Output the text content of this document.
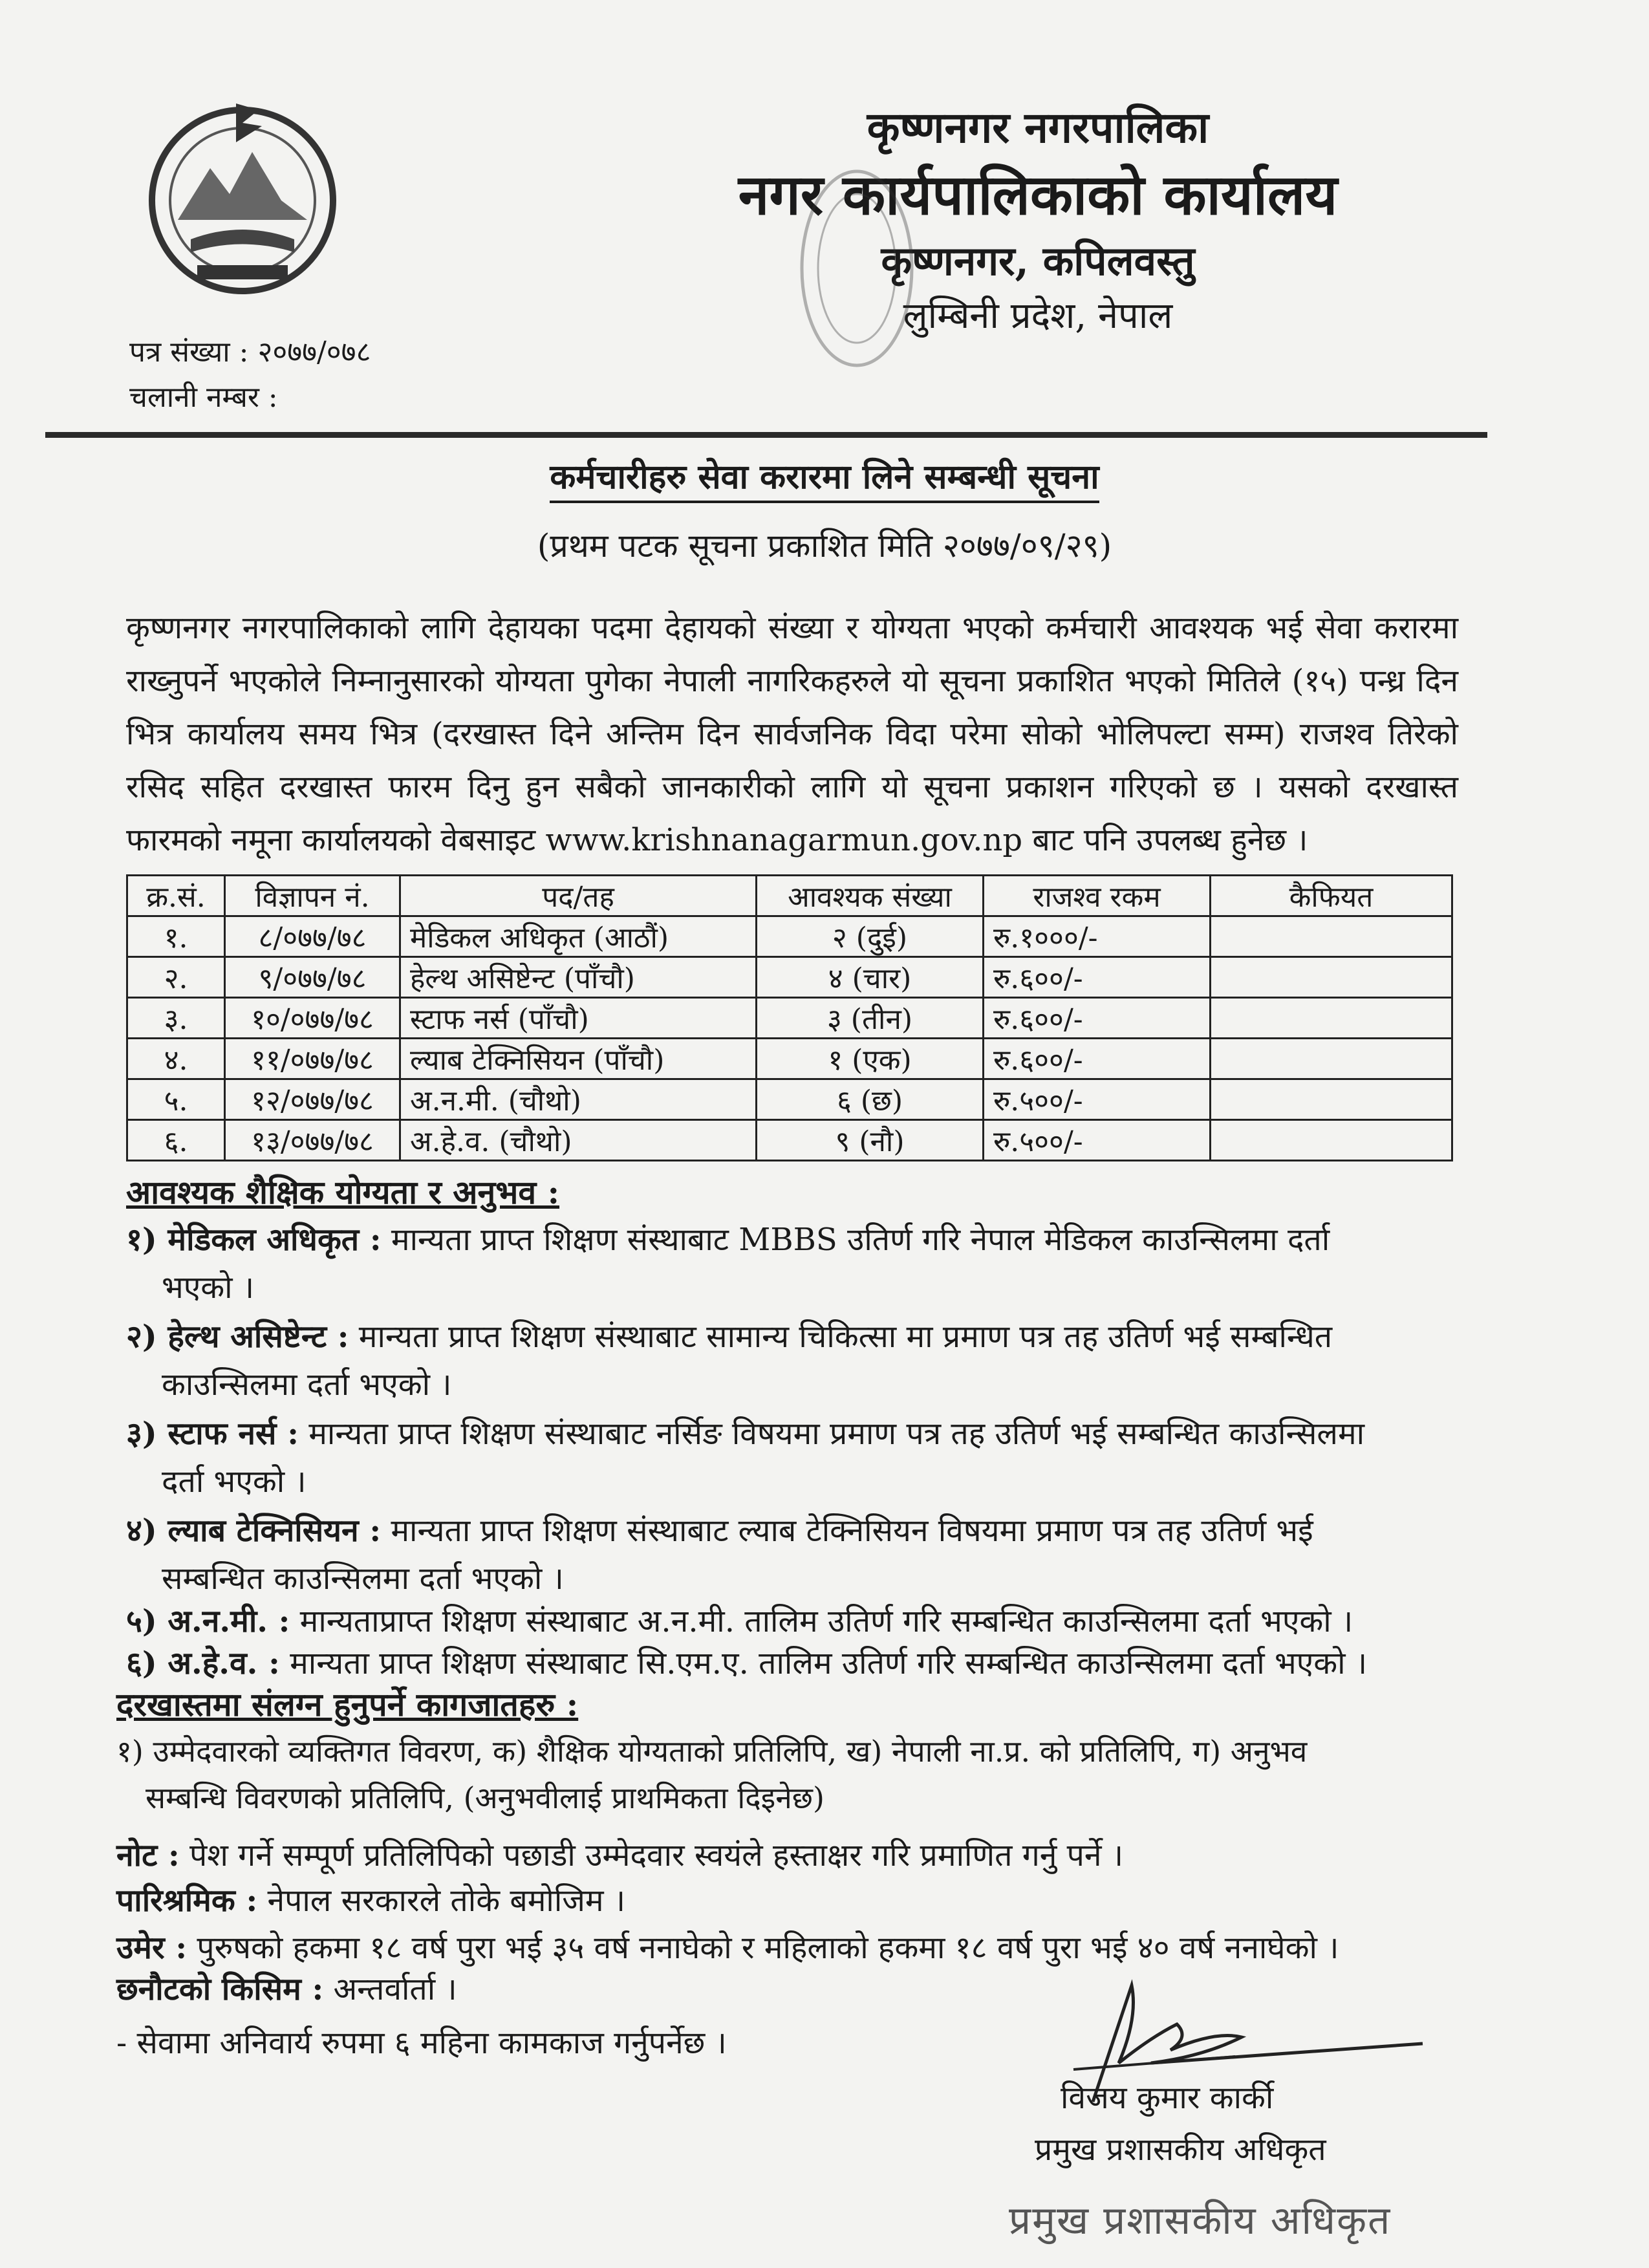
कृष्णनगर नगरपालिका
नगर कार्यपालिकाको कार्यालय
कृष्णनगर, कपिलवस्तु
लुम्बिनी प्रदेश, नेपाल
पत्र संख्या : २०७७/०७८
चलानी नम्बर :
कर्मचारीहरु सेवा करारमा लिने सम्बन्धी सूचना
(प्रथम पटक सूचना प्रकाशित मिति २०७७/०९/२९)
कृष्णनगर नगरपालिकाको लागि देहायका पदमा देहायको संख्या र योग्यता भएको कर्मचारी आवश्यक भई सेवा करारमा राख्नुपर्ने भएकोले निम्नानुसारको योग्यता पुगेका नेपाली नागरिकहरुले यो सूचना प्रकाशित भएको मितिले (१५) पन्ध्र दिन भित्र कार्यालय समय भित्र (दरखास्त दिने अन्तिम दिन सार्वजनिक विदा परेमा सोको भोलिपल्टा सम्म) राजश्व तिरेको रसिद सहित दरखास्त फारम दिनु हुन सबैको जानकारीको लागि यो सूचना प्रकाशन गरिएको छ । यसको दरखास्त फारमको नमूना कार्यालयको वेबसाइट www.krishnanagarmun.gov.np बाट पनि उपलब्ध हुनेछ ।
क्र.सं.	विज्ञापन नं.	पद/तह	आवश्यक संख्या	राजश्व रकम	कैफियत
१.	८/०७७/७८	मेडिकल अधिकृत (आठौं)	२ (दुई)	रु.१०००/-	
२.	९/०७७/७८	हेल्थ असिष्टेन्ट (पाँचौ)	४ (चार)	रु.६००/-	
३.	१०/०७७/७८	स्टाफ नर्स (पाँचौ)	३ (तीन)	रु.६००/-	
४.	११/०७७/७८	ल्याब टेक्निसियन (पाँचौ)	१ (एक)	रु.६००/-	
५.	१२/०७७/७८	अ.न.मी. (चौथो)	६ (छ)	रु.५००/-	
६.	१३/०७७/७८	अ.हे.व. (चौथो)	९ (नौ)	रु.५००/-	
आवश्यक शैक्षिक योग्यता र अनुभव :
१) मेडिकल अधिकृत : मान्यता प्राप्त शिक्षण संस्थाबाट MBBS उतिर्ण गरि नेपाल मेडिकल काउन्सिलमा दर्ता
भएको ।
२) हेल्थ असिष्टेन्ट : मान्यता प्राप्त शिक्षण संस्थाबाट सामान्य चिकित्सा मा प्रमाण पत्र तह उतिर्ण भई सम्बन्धित
काउन्सिलमा दर्ता भएको ।
३) स्टाफ नर्स : मान्यता प्राप्त शिक्षण संस्थाबाट नर्सिङ विषयमा प्रमाण पत्र तह उतिर्ण भई सम्बन्धित काउन्सिलमा
दर्ता भएको ।
४) ल्याब टेक्निसियन : मान्यता प्राप्त शिक्षण संस्थाबाट ल्याब टेक्निसियन विषयमा प्रमाण पत्र तह उतिर्ण भई
सम्बन्धित काउन्सिलमा दर्ता भएको ।
५) अ.न.मी. : मान्यताप्राप्त शिक्षण संस्थाबाट अ.न.मी. तालिम उतिर्ण गरि सम्बन्धित काउन्सिलमा दर्ता भएको ।
६) अ.हे.व. : मान्यता प्राप्त शिक्षण संस्थाबाट सि.एम.ए. तालिम उतिर्ण गरि सम्बन्धित काउन्सिलमा दर्ता भएको ।
दरखास्तमा संलग्न हुनुपर्ने कागजातहरु :
१) उम्मेदवारको व्यक्तिगत विवरण, क) शैक्षिक योग्यताको प्रतिलिपि, ख) नेपाली ना.प्र. को प्रतिलिपि, ग) अनुभव
सम्बन्धि विवरणको प्रतिलिपि, (अनुभवीलाई प्राथमिकता दिइनेछ)
नोट : पेश गर्ने सम्पूर्ण प्रतिलिपिको पछाडी उम्मेदवार स्वयंले हस्ताक्षर गरि प्रमाणित गर्नु पर्ने ।
पारिश्रमिक : नेपाल सरकारले तोके बमोजिम ।
उमेर : पुरुषको हकमा १८ वर्ष पुरा भई ३५ वर्ष ननाघेको र महिलाको हकमा १८ वर्ष पुरा भई ४० वर्ष ननाघेको ।
छनौटको किसिम : अन्तर्वार्ता ।
- सेवामा अनिवार्य रुपमा ६ महिना कामकाज गर्नुपर्नेछ ।
विजय कुमार कार्की
प्रमुख प्रशासकीय अधिकृत
प्रमुख प्रशासकीय अधिकृत
